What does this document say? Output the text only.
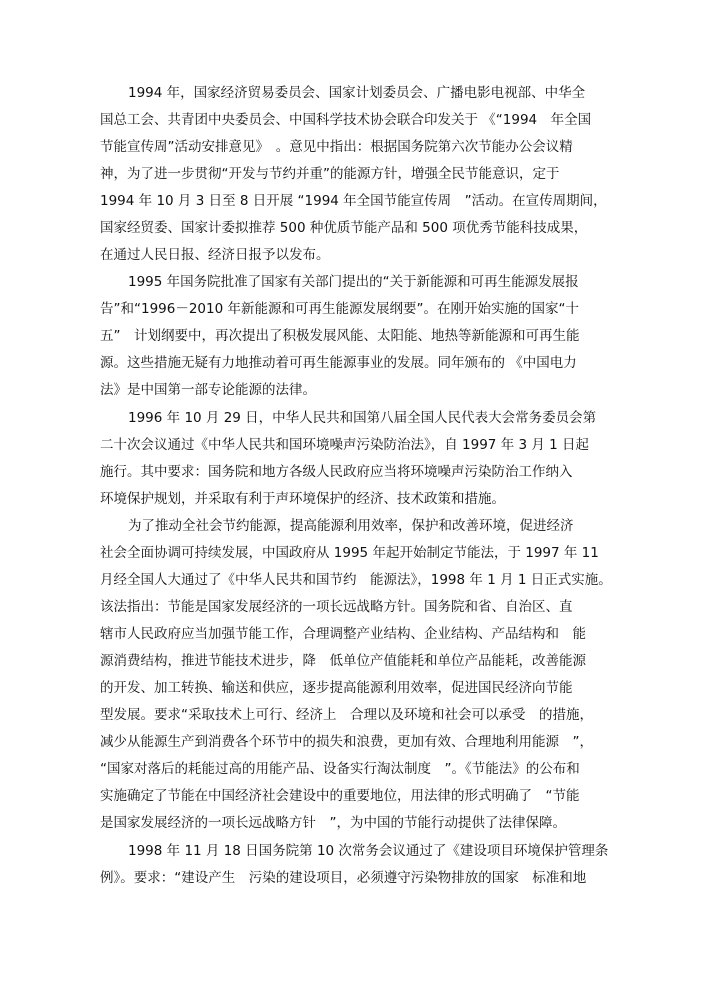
1994 年，国家经济贸易委员会、国家计划委员会、广播电影电视部、中华全
国总工会、共青团中央委员会、中国科学技术协会联合印发关于 《“1994　年全国
节能宣传周”活动安排意见》　。意见中指出：根据国务院第六次节能办公会议精
神，为了进一步贯彻“开发与节约并重”的能源方针，增强全民节能意识，定于
1994 年 10 月 3 日至 8 日开展 “1994 年全国节能宣传周　”活动。在宣传周期间，
国家经贸委、国家计委拟推荐 500 种优质节能产品和 500 项优秀节能科技成果，
在通过人民日报、经济日报予以发布。
1995 年国务院批准了国家有关部门提出的“关于新能源和可再生能源发展报
告”和“1996－2010 年新能源和可再生能源发展纲要”。在刚开始实施的国家“十
五”　计划纲要中，再次提出了积极发展风能、太阳能、地热等新能源和可再生能
源。这些措施无疑有力地推动着可再生能源事业的发展。同年颁布的 《中国电力
法》是中国第一部专论能源的法律。
1996 年 10 月 29 日，中华人民共和国第八届全国人民代表大会常务委员会第
二十次会议通过《中华人民共和国环境噪声污染防治法》，自 1997 年 3 月 1 日起
施行。其中要求：国务院和地方各级人民政府应当将环境噪声污染防治工作纳入
环境保护规划，并采取有利于声环境保护的经济、技术政策和措施。
为了推动全社会节约能源，提高能源利用效率，保护和改善环境，促进经济
社会全面协调可持续发展，中国政府从 1995 年起开始制定节能法，于 1997 年 11
月经全国人大通过了《中华人民共和国节约　能源法》，1998 年 1 月 1 日正式实施。
该法指出：节能是国家发展经济的一项长远战略方针。国务院和省、自治区、直
辖市人民政府应当加强节能工作，合理调整产业结构、企业结构、产品结构和　能
源消费结构，推进节能技术进步，降　低单位产值能耗和单位产品能耗，改善能源
的开发、加工转换、输送和供应，逐步提高能源利用效率，促进国民经济向节能
型发展。要求“采取技术上可行、经济上　合理以及环境和社会可以承受　的措施，
减少从能源生产到消费各个环节中的损失和浪费，更加有效、合理地利用能源　”，
“国家对落后的耗能过高的用能产品、设备实行淘汰制度　”。《节能法》的公布和
实施确定了节能在中国经济社会建设中的重要地位，用法律的形式明确了　“节能
是国家发展经济的一项长远战略方针　”，为中国的节能行动提供了法律保障。
1998 年 11 月 18 日国务院第 10 次常务会议通过了《建设项目环境保护管理条
例》。要求：“建设产生　污染的建设项目，必须遵守污染物排放的国家　标准和地
